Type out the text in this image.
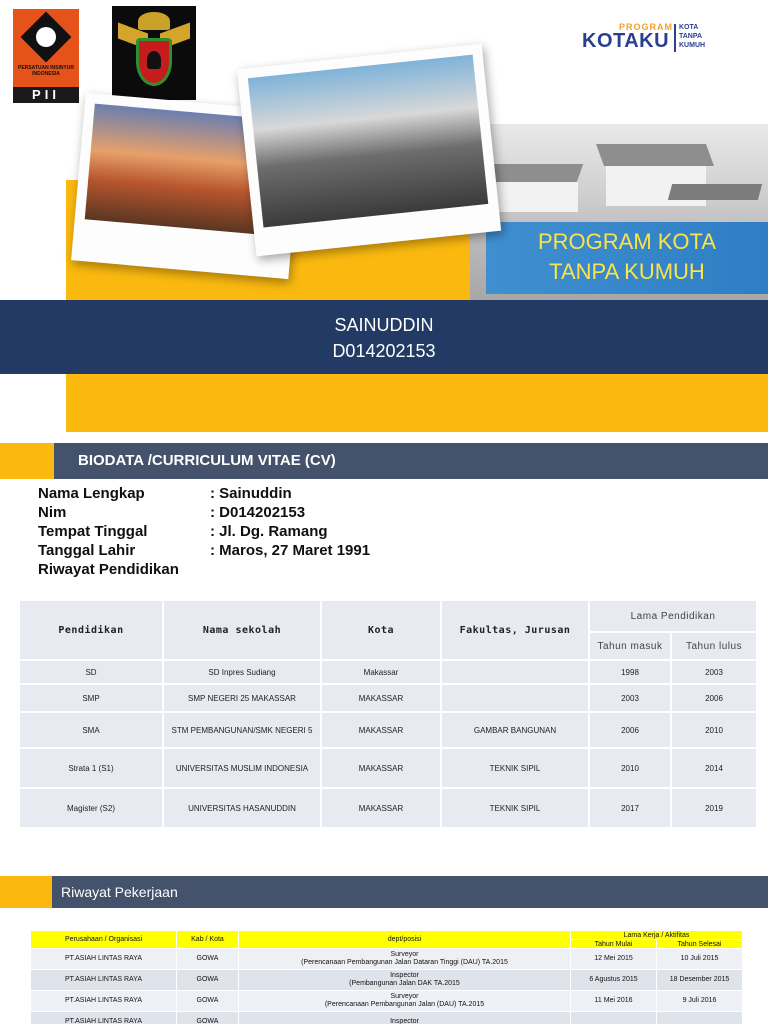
PERSATUAN INSINYUR INDONESIA
PII
PROGRAM
KOTAKU
KOTA
TANPA
KUMUH
PROGRAM KOTA
TANPA KUMUH
SAINUDDIN
D014202153
BIODATA /CURRICULUM VITAE (CV)
Nama Lengkap	: Sainuddin
Nim	: D014202153
Tempat Tinggal	: Jl. Dg. Ramang
Tanggal Lahir	: Maros, 27 Maret 1991
Riwayat Pendidikan
Pendidikan	Nama sekolah	Kota	Fakultas, Jurusan	Lama Pendidikan	
				Tahun masuk	Tahun lulus
SD	SD Inpres Sudiang	Makassar		1998	2003
SMP	SMP NEGERI 25 MAKASSAR	MAKASSAR		2003	2006
SMA	STM PEMBANGUNAN/SMK NEGERI 5	MAKASSAR	GAMBAR BANGUNAN	2006	2010
Strata 1 (S1)	UNIVERSITAS MUSLIM INDONESIA	MAKASSAR	TEKNIK SIPIL	2010	2014
Magister (S2)	UNIVERSITAS HASANUDDIN	MAKASSAR	TEKNIK SIPIL	2017	2019
Riwayat Pekerjaan
Perusahaan / Organisasi	Kab / Kota	dept/posisi	Lama Kerja / Aktifitas	
			Tahun Mulai	Tahun Selesai
PT.ASIAH LINTAS RAYA	GOWA	Surveyor
(Perencanaan Pembangunan Jalan Dataran Tinggi (DAU) TA.2015	12 Mei 2015	10 Juli 2015
PT.ASIAH LINTAS RAYA	GOWA	Inspector
(Pembangunan Jalan DAK TA.2015	6 Agustus 2015	18 Desember 2015
PT.ASIAH LINTAS RAYA	GOWA	Surveyor
(Perencanaan Pembangunan Jalan (DAU) TA.2015	11 Mei 2016	9 Juli 2016
PT.ASIAH LINTAS RAYA	GOWA	Inspector		
